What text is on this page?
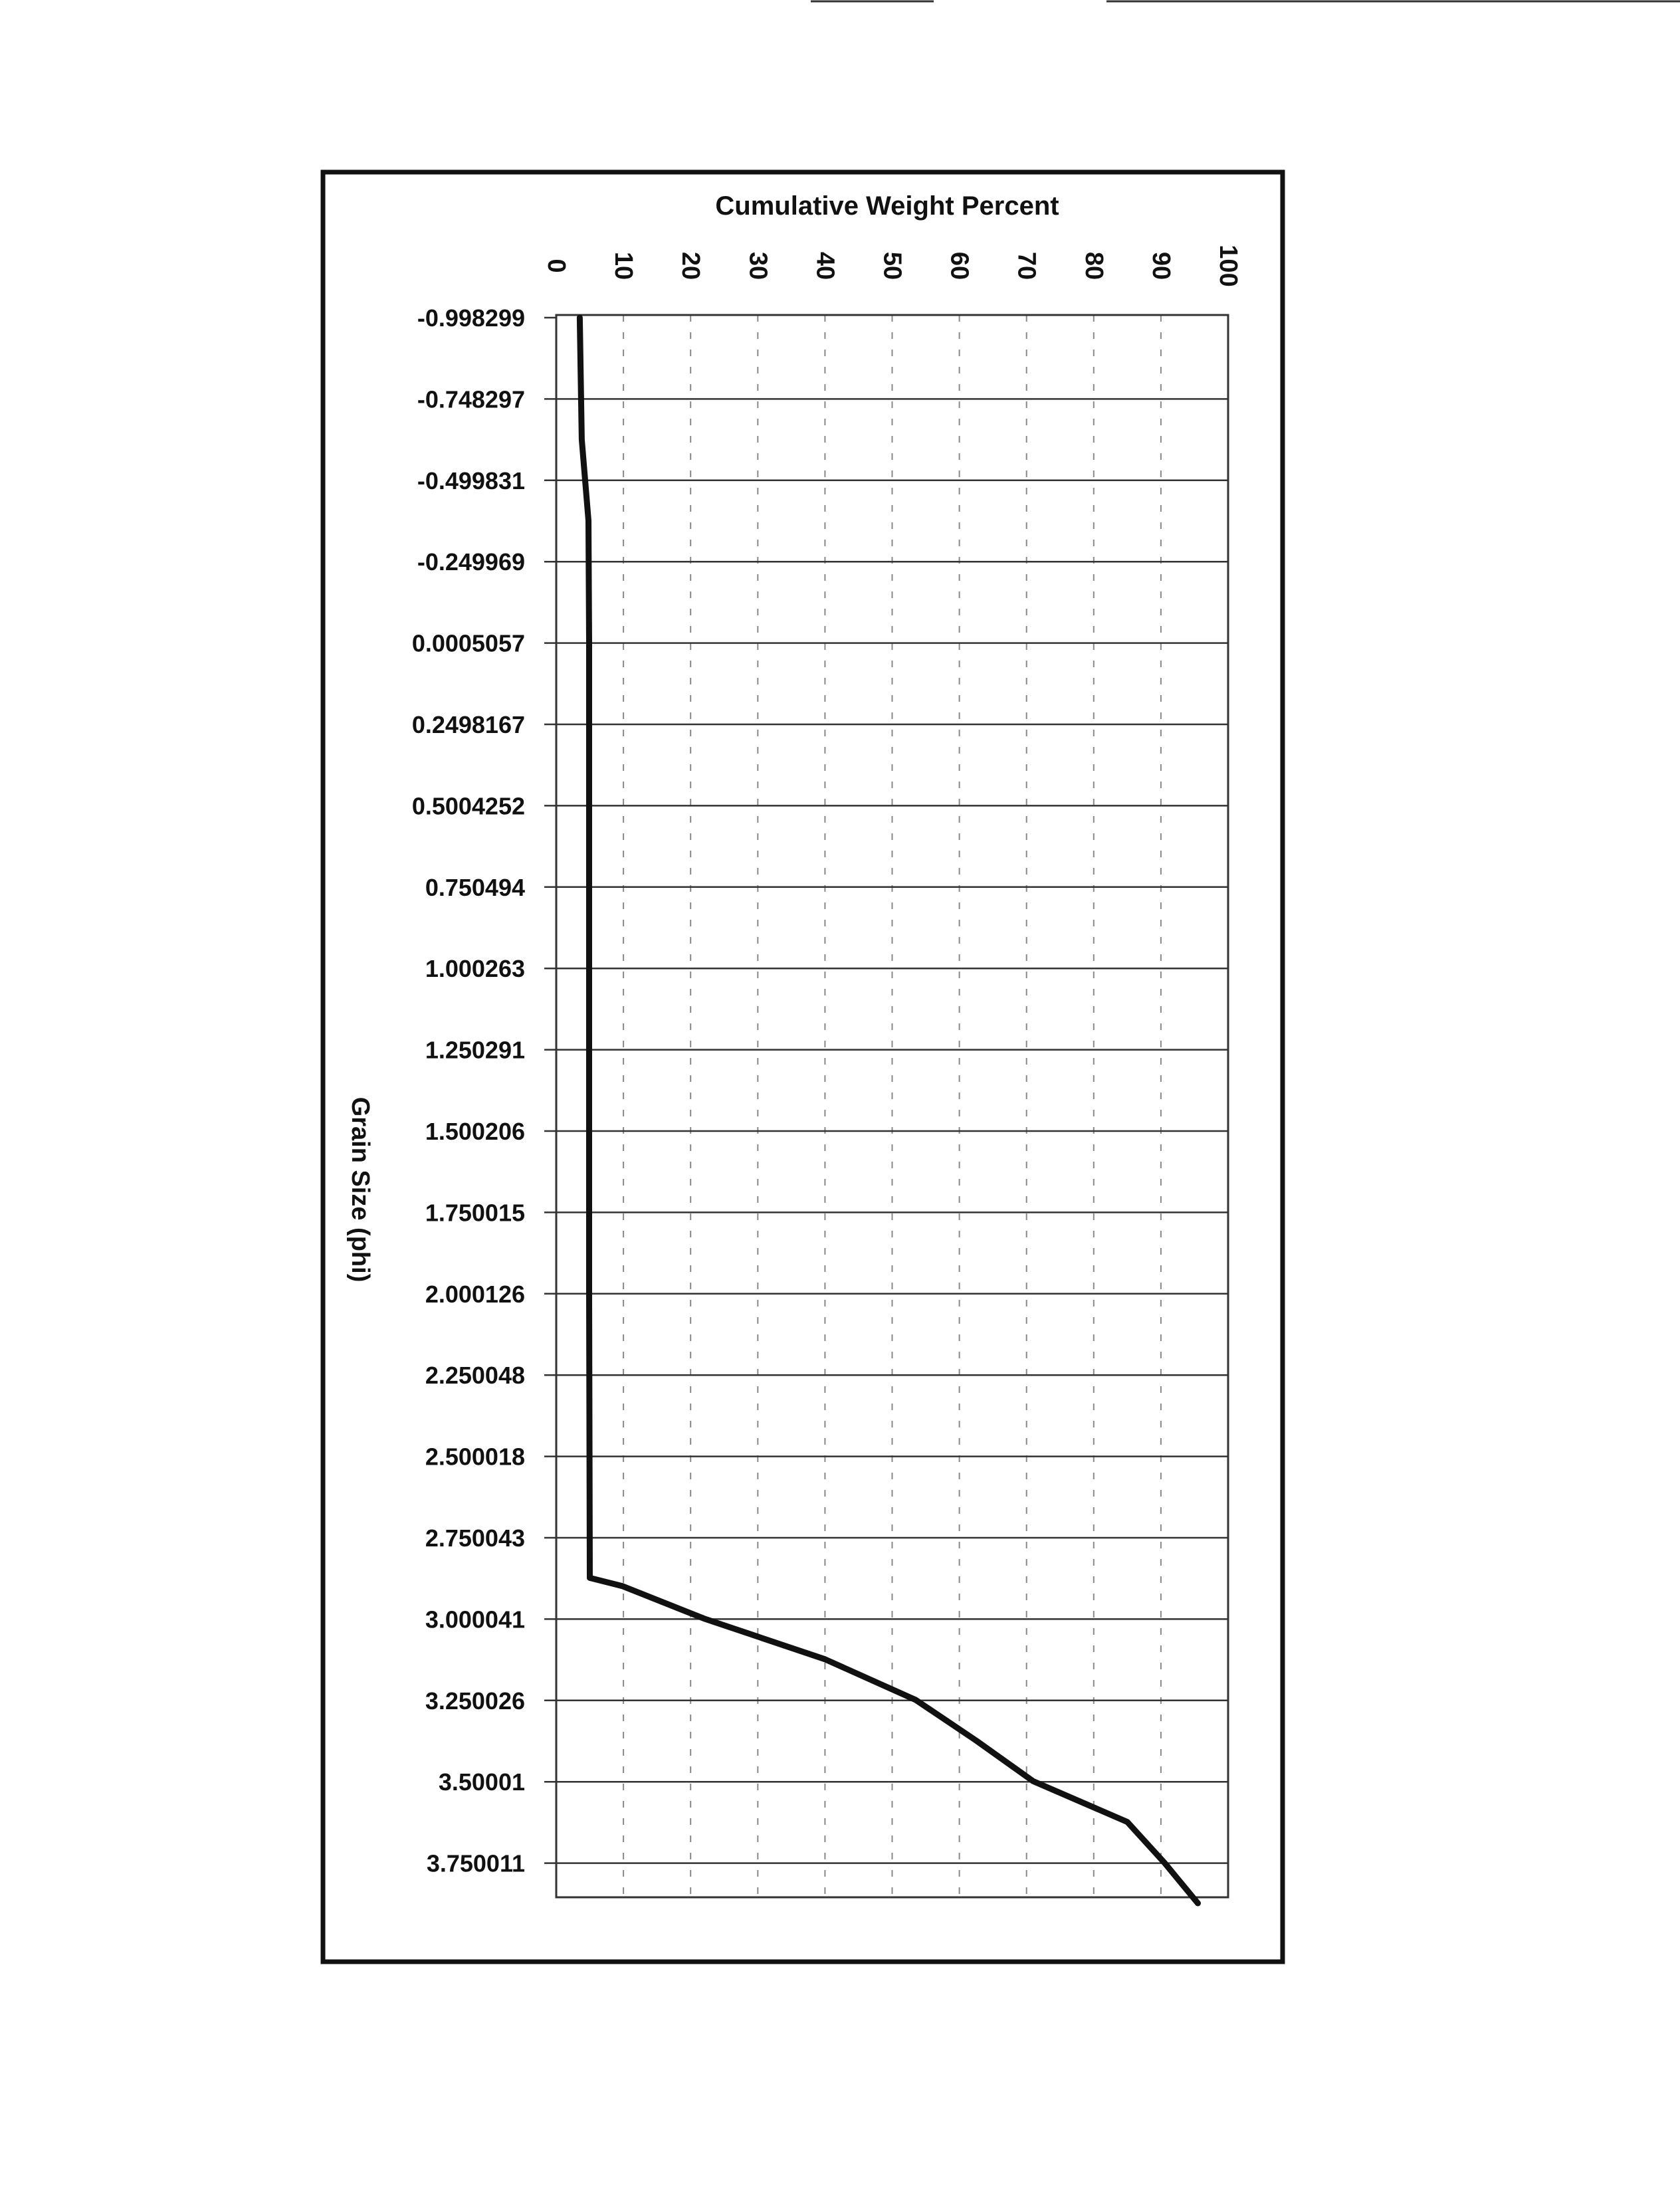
Cumulative Weight Percent
Grain Size (phi)
0 10 20 30 40 50 60 70 80 90 100
-0.998299
-0.748297
-0.499831
-0.249969
0.0005057
0.2498167
0.5004252
0.750494
1.000263
1.250291
1.500206
1.750015
2.000126
2.250048
2.500018
2.750043
3.000041
3.250026
3.50001
3.750011
